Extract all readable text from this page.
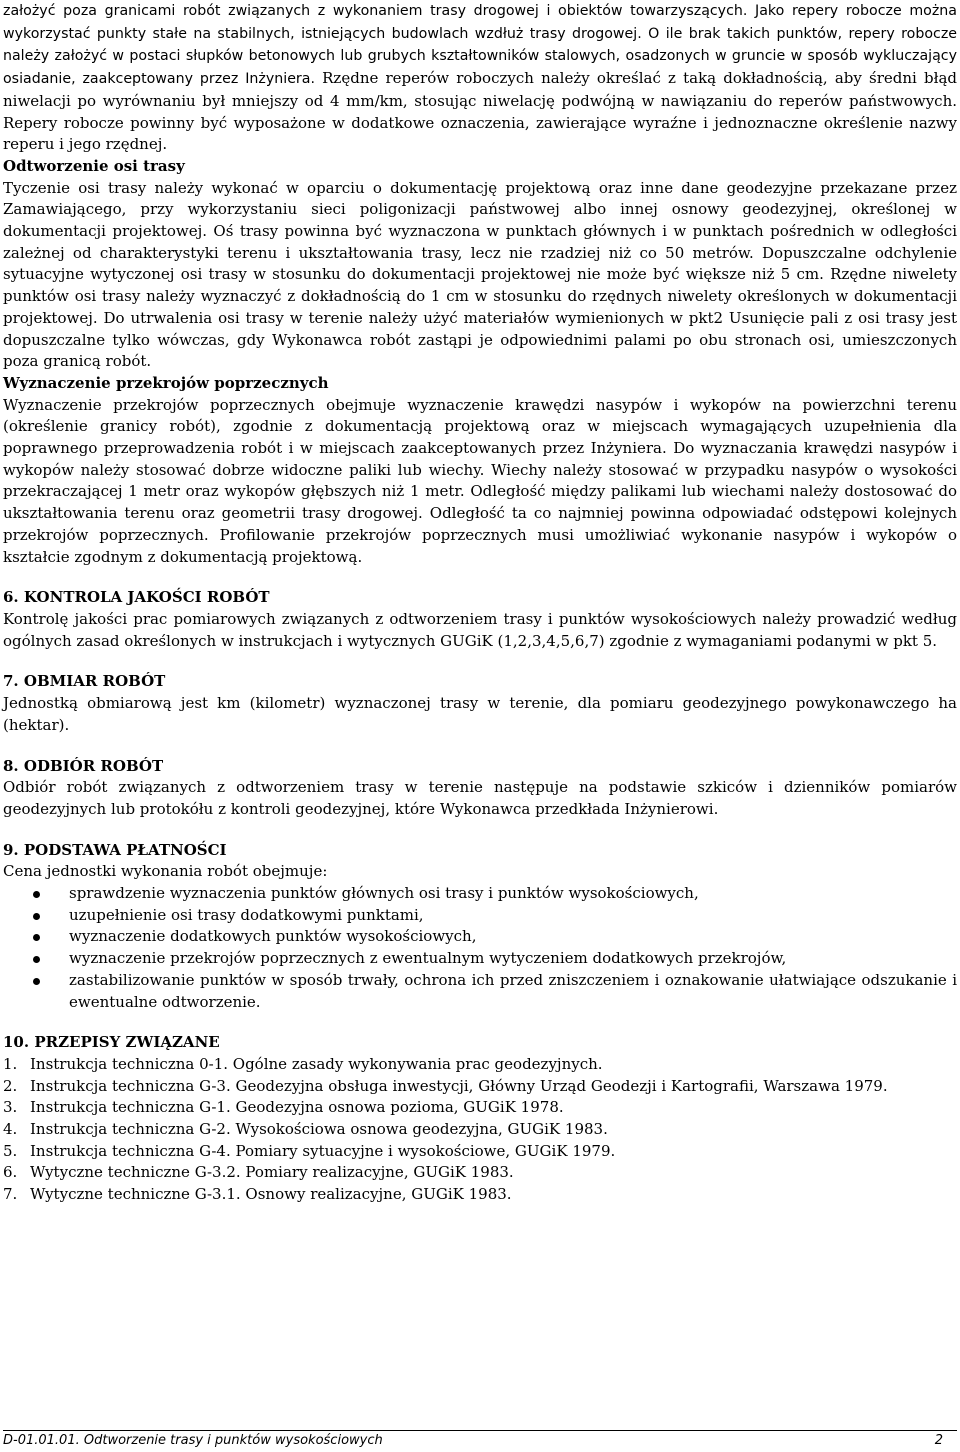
założyć poza granicami robót związanych z wykonaniem trasy drogowej i obiektów towarzyszących. Jako repery robocze można wykorzystać punkty stałe na stabilnych, istniejących budowlach wzdłuż trasy drogowej. O ile brak takich punktów, repery robocze należy założyć w postaci słupków betonowych lub grubych kształtowników stalowych, osadzonych w gruncie w sposób wykluczający osiadanie, zaakceptowany przez Inżyniera. Rzędne reperów roboczych należy określać z taką dokładnością, aby średni błąd niwelacji po wyrównaniu był mniejszy od 4 mm/km, stosując niwelację podwójną w nawiązaniu do reperów państwowych. Repery robocze powinny być wyposażone w dodatkowe oznaczenia, zawierające wyraźne i jednoznaczne określenie nazwy reperu i jego rzędnej.

Odtworzenie osi trasy

Tyczenie osi trasy należy wykonać w oparciu o dokumentację projektową oraz inne dane geodezyjne przekazane przez Zamawiającego, przy wykorzystaniu sieci poligonizacji państwowej albo innej osnowy geodezyjnej, określonej w dokumentacji projektowej. Oś trasy powinna być wyznaczona w punktach głównych i w punktach pośrednich w odległości zależnej od charakterystyki terenu i ukształtowania trasy, lecz nie rzadziej niż co 50 metrów. Dopuszczalne odchylenie sytuacyjne wytyczonej osi trasy w stosunku do dokumentacji projektowej nie może być większe niż 5 cm. Rzędne niwelety punktów osi trasy należy wyznaczyć z dokładnością do 1 cm w stosunku do rzędnych niwelety określonych w dokumentacji projektowej. Do utrwalenia osi trasy w terenie należy użyć materiałów wymienionych w pkt2 Usunięcie pali z osi trasy jest dopuszczalne tylko wówczas, gdy Wykonawca robót zastąpi je odpowiednimi palami po obu stronach osi, umieszczonych poza granicą robót.

Wyznaczenie przekrojów poprzecznych

Wyznaczenie przekrojów poprzecznych obejmuje wyznaczenie krawędzi nasypów i wykopów na powierzchni terenu (określenie granicy robót), zgodnie z dokumentacją projektową oraz w miejscach wymagających uzupełnienia dla poprawnego przeprowadzenia robót i w miejscach zaakceptowanych przez Inżyniera. Do wyznaczania krawędzi nasypów i wykopów należy stosować dobrze widoczne paliki lub wiechy. Wiechy należy stosować w przypadku nasypów o wysokości przekraczającej 1 metr oraz wykopów głębszych niż 1 metr. Odległość między palikami lub wiechami należy dostosować do ukształtowania terenu oraz geometrii trasy drogowej. Odległość ta co najmniej powinna odpowiadać odstępowi kolejnych przekrojów poprzecznych. Profilowanie przekrojów poprzecznych musi umożliwiać wykonanie nasypów i wykopów o kształcie zgodnym z dokumentacją projektową.

6. KONTROLA JAKOŚCI ROBÓT

Kontrolę jakości prac pomiarowych związanych z odtworzeniem trasy i punktów wysokościowych należy prowadzić według ogólnych zasad określonych w instrukcjach i wytycznych GUGiK (1,2,3,4,5,6,7) zgodnie z wymaganiami podanymi w pkt 5.

7. OBMIAR ROBÓT

Jednostką obmiarową jest km (kilometr) wyznaczonej trasy w terenie, dla pomiaru geodezyjnego powykonawczego ha (hektar).

8. ODBIÓR ROBÓT

Odbiór robót związanych z odtworzeniem trasy w terenie następuje na podstawie szkiców i dzienników pomiarów geodezyjnych lub protokółu z kontroli geodezyjnej, które Wykonawca przedkłada Inżynierowi.

9. PODSTAWA PŁATNOŚCI

Cena jednostki wykonania robót obejmuje:

sprawdzenie wyznaczenia punktów głównych osi trasy i punktów wysokościowych,
uzupełnienie osi trasy dodatkowymi punktami,
wyznaczenie dodatkowych punktów wysokościowych,
wyznaczenie przekrojów poprzecznych z ewentualnym wytyczeniem dodatkowych przekrojów,
zastabilizowanie punktów w sposób trwały, ochrona ich przed zniszczeniem i oznakowanie ułatwiające odszukanie i ewentualne odtworzenie.

10. PRZEPISY ZWIĄZANE

1. Instrukcja techniczna 0-1. Ogólne zasady wykonywania prac geodezyjnych.
2. Instrukcja techniczna G-3. Geodezyjna obsługa inwestycji, Główny Urząd Geodezji i Kartografii, Warszawa 1979.
3. Instrukcja techniczna G-1. Geodezyjna osnowa pozioma, GUGiK 1978.
4. Instrukcja techniczna G-2. Wysokościowa osnowa geodezyjna, GUGiK 1983.
5. Instrukcja techniczna G-4. Pomiary sytuacyjne i wysokościowe, GUGiK 1979.
6. Wytyczne techniczne G-3.2. Pomiary realizacyjne, GUGiK 1983.
7. Wytyczne techniczne G-3.1. Osnowy realizacyjne, GUGiK 1983.
D-01.01.01. Odtworzenie trasy i punktów wysokościowych	2
